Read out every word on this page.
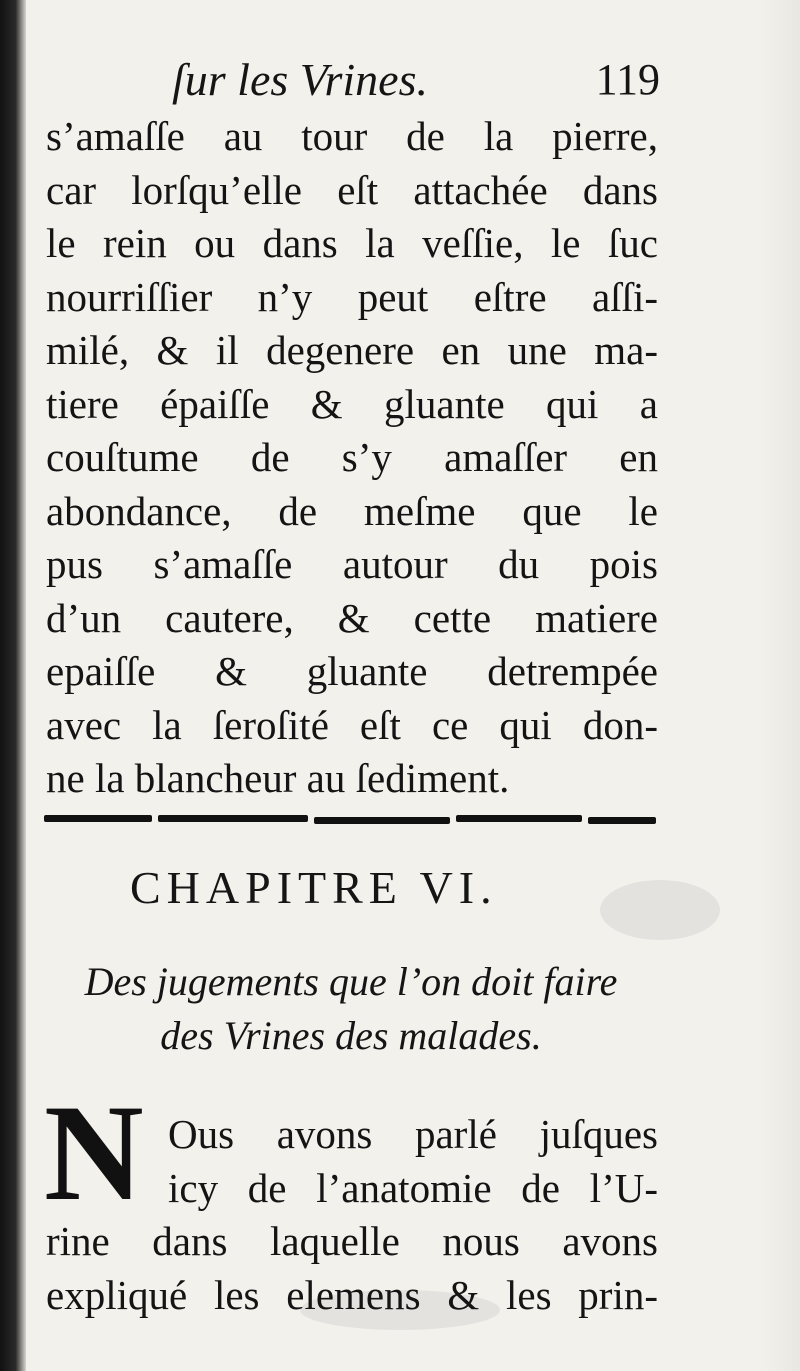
ſur les Vrines.	119
s’amaſſe au tour de la pierre,
car lorſqu’elle eſt attachée dans
le rein ou dans la veſſie, le ſuc
nourriſſier n’y peut eſtre aſſi-
milé, & il degenere en une ma-
tiere épaiſſe & gluante qui a
couſtume de s’y amaſſer en
abondance, de meſme que le
pus s’amaſſe autour du pois
d’un cautere, & cette matiere
epaiſſe & gluante detrempée
avec la ſeroſité eſt ce qui don-
ne la blancheur au ſediment.
CHAPITRE VI.
Des jugements que l’on doit faire
des Vrines des malades.
N Ous avons parlé juſques
icy de l’anatomie de l’U-
rine dans laquelle nous avons
expliqué les elemens & les prin-
